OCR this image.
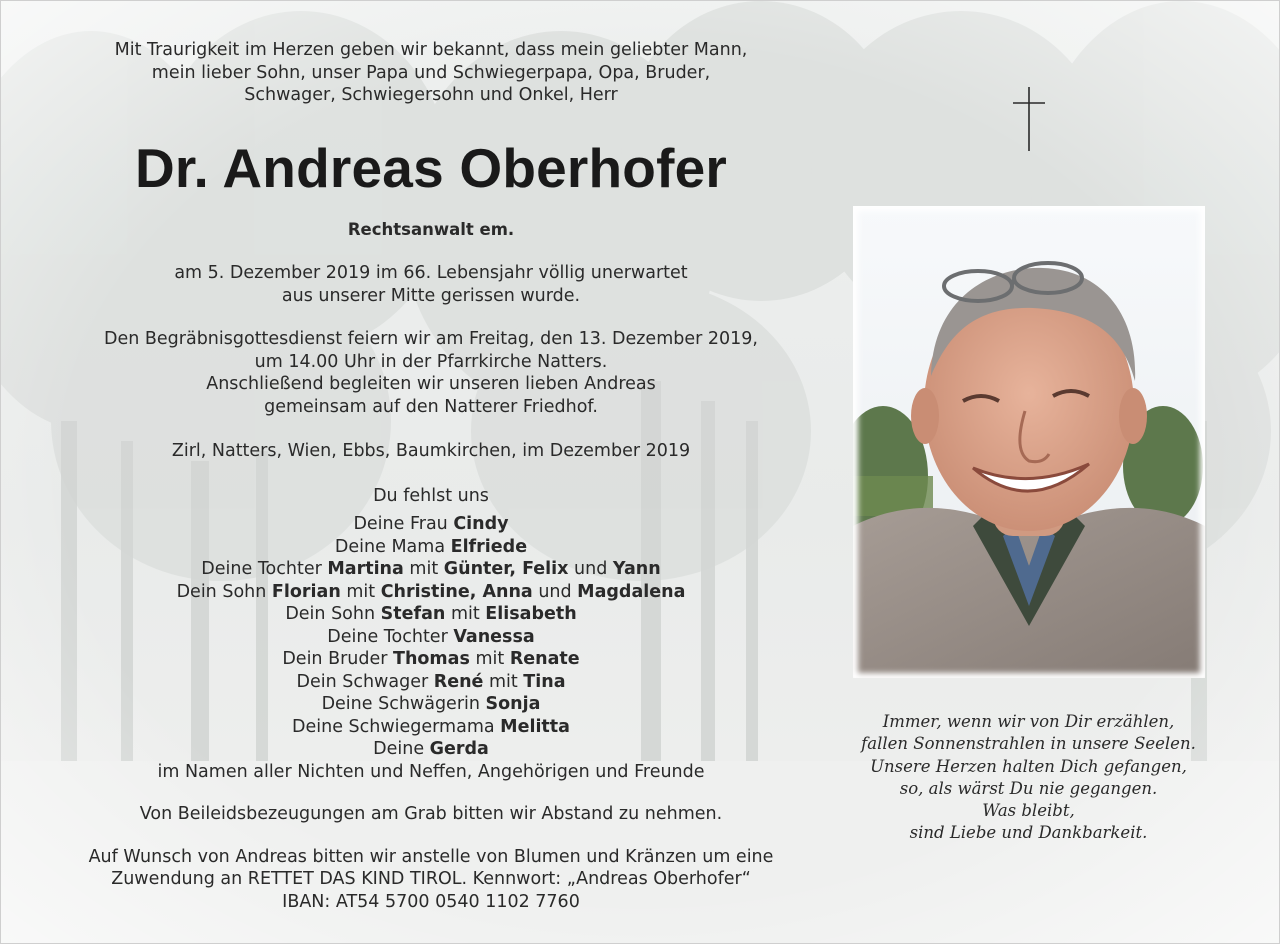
Mit Traurigkeit im Herzen geben wir bekannt, dass mein geliebter Mann,

mein lieber Sohn, unser Papa und Schwiegerpapa, Opa, Bruder,

Schwager, Schwiegersohn und Onkel, Herr

Dr. Andreas Oberhofer
Rechtsanwalt em.

am 5. Dezember 2019 im 66. Lebensjahr völlig unerwartet

aus unserer Mitte gerissen wurde.

Den Begräbnisgottesdienst feiern wir am Freitag, den 13. Dezember 2019,

um 14.00 Uhr in der Pfarrkirche Natters.

Anschließend begleiten wir unseren lieben Andreas

gemeinsam auf den Natterer Friedhof.

Zirl, Natters, Wien, Ebbs, Baumkirchen, im Dezember 2019
Du fehlst uns
Deine Frau Cindy
Deine Mama Elfriede
Deine Tochter Martina mit Günter, Felix und Yann
Dein Sohn Florian mit Christine, Anna und Magdalena
Dein Sohn Stefan mit Elisabeth
Deine Tochter Vanessa
Dein Bruder Thomas mit Renate
Dein Schwager René mit Tina
Deine Schwägerin Sonja
Deine Schwiegermama Melitta
Deine Gerda
im Namen aller Nichten und Neffen, Angehörigen und Freunde
Von Beileidsbezeugungen am Grab bitten wir Abstand zu nehmen.

Auf Wunsch von Andreas bitten wir anstelle von Blumen und Kränzen um eine

Zuwendung an RETTET DAS KIND TIROL. Kennwort: „Andreas Oberhofer“

IBAN: AT54 5700 0540 1102 7760

Immer, wenn wir von Dir erzählen,

fallen Sonnenstrahlen in unsere Seelen.

Unsere Herzen halten Dich gefangen,

so, als wärst Du nie gegangen.

Was bleibt,

sind Liebe und Dankbarkeit.
